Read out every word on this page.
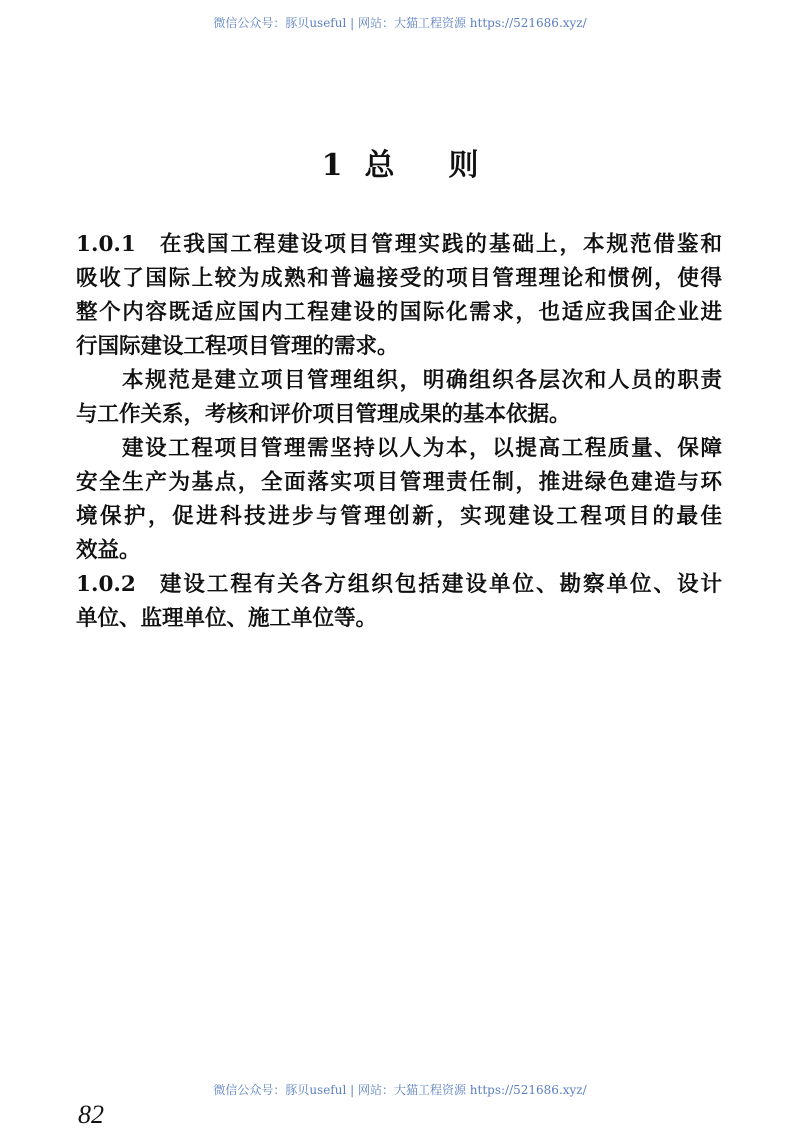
微信公众号：豚贝useful | 网站：大猫工程资源 https://521686.xyz/
1 总 则
1.0.1 在我国工程建设项目管理实践的基础上，本规范借鉴和
吸收了国际上较为成熟和普遍接受的项目管理理论和惯例，使得
整个内容既适应国内工程建设的国际化需求，也适应我国企业进
行国际建设工程项目管理的需求。
本规范是建立项目管理组织，明确组织各层次和人员的职责
与工作关系，考核和评价项目管理成果的基本依据。
建设工程项目管理需坚持以人为本，以提高工程质量、保障
安全生产为基点，全面落实项目管理责任制，推进绿色建造与环
境保护，促进科技进步与管理创新，实现建设工程项目的最佳
效益。
1.0.2 建设工程有关各方组织包括建设单位、勘察单位、设计
单位、监理单位、施工单位等。
微信公众号：豚贝useful | 网站：大猫工程资源 https://521686.xyz/
82
